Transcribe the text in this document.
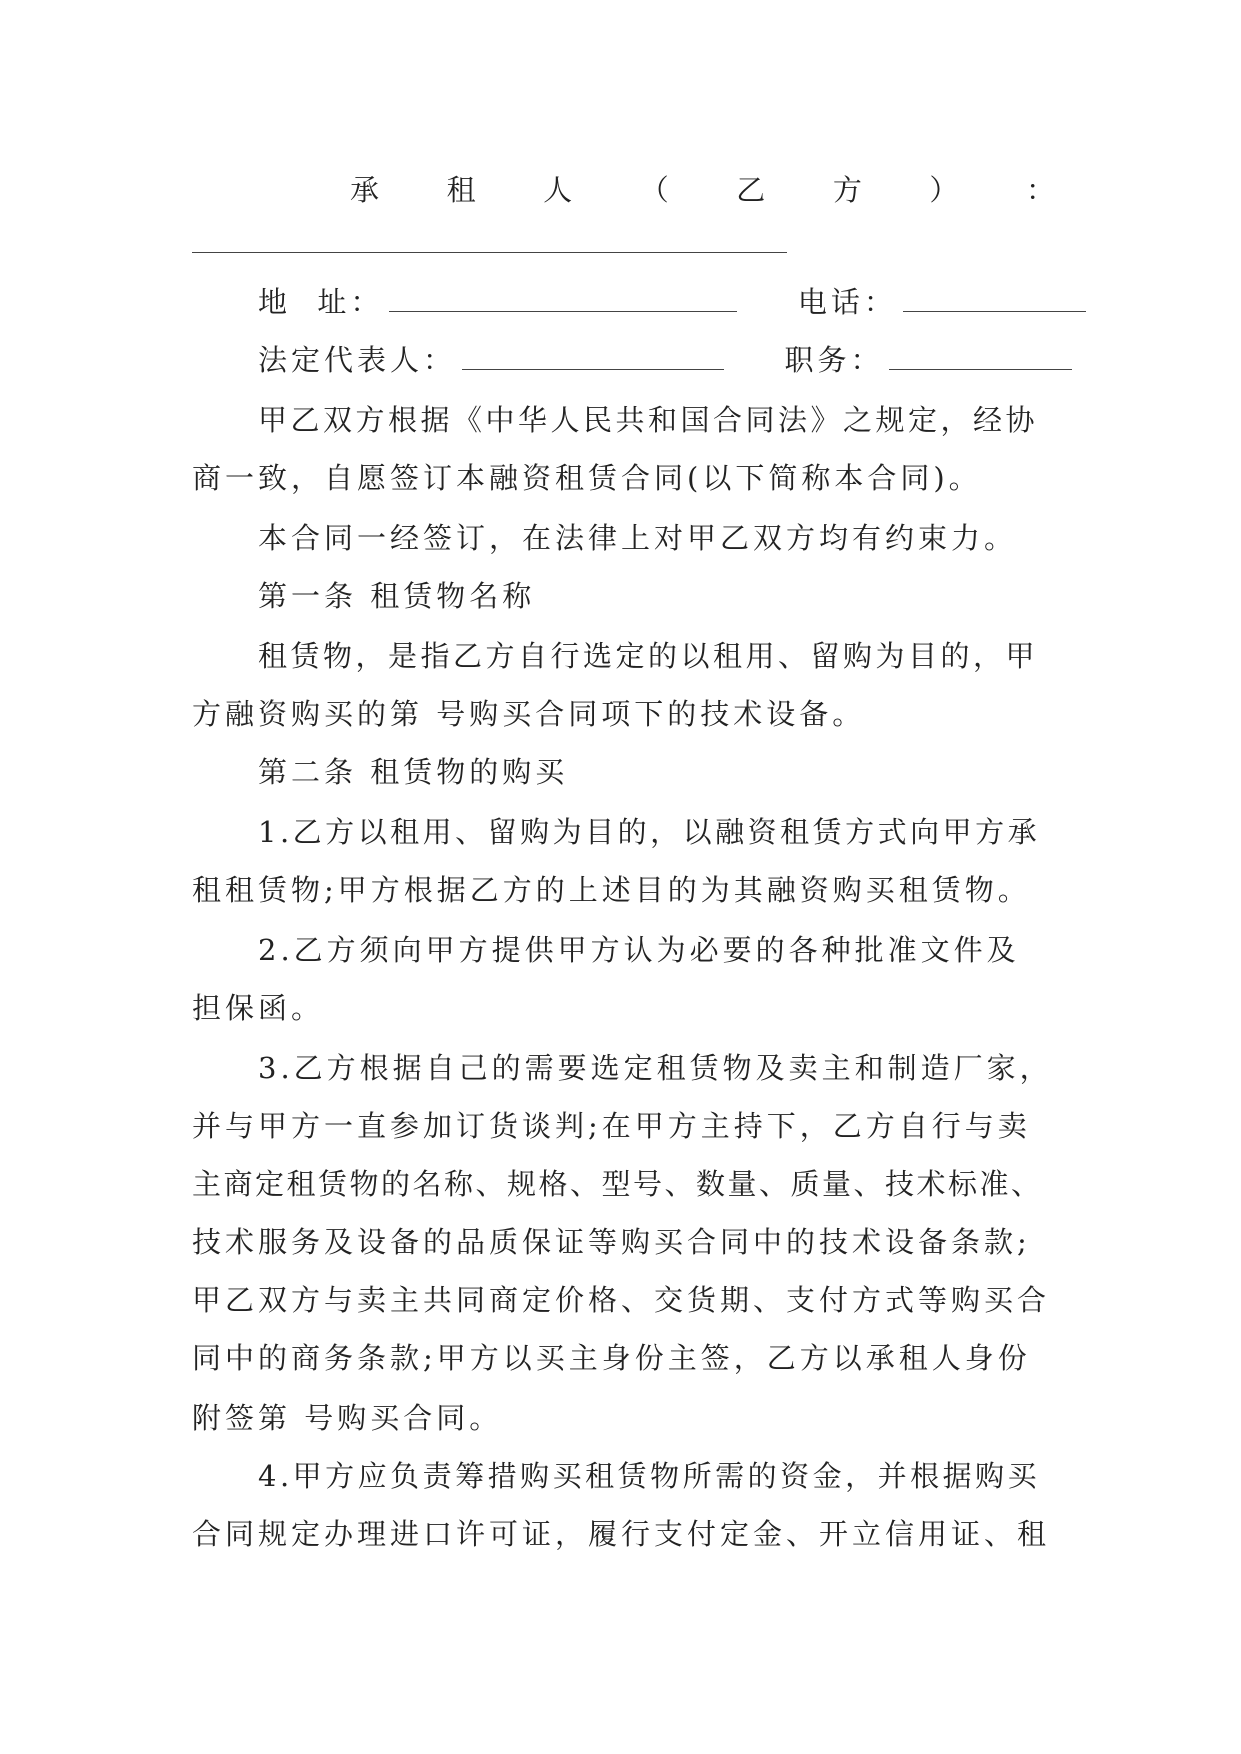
承 租 人 （ 乙 方 ） ：
地  址：	电话：
法定代表人：	职务：
甲乙双方根据《中华人民共和国合同法》之规定，经协
商一致，自愿签订本融资租赁合同(以下简称本合同)。
本合同一经签订，在法律上对甲乙双方均有约束力。
第一条 租赁物名称
租赁物，是指乙方自行选定的以租用、留购为目的，甲
方融资购买的第 号购买合同项下的技术设备。
第二条 租赁物的购买
1.乙方以租用、留购为目的，以融资租赁方式向甲方承
租租赁物;甲方根据乙方的上述目的为其融资购买租赁物。
2.乙方须向甲方提供甲方认为必要的各种批准文件及
担保函。
3.乙方根据自己的需要选定租赁物及卖主和制造厂家，
并与甲方一直参加订货谈判;在甲方主持下，乙方自行与卖
主商定租赁物的名称、规格、型号、数量、质量、技术标准、
技术服务及设备的品质保证等购买合同中的技术设备条款;
甲乙双方与卖主共同商定价格、交货期、支付方式等购买合
同中的商务条款;甲方以买主身份主签，乙方以承租人身份
附签第 号购买合同。
4.甲方应负责筹措购买租赁物所需的资金，并根据购买
合同规定办理进口许可证，履行支付定金、开立信用证、租
